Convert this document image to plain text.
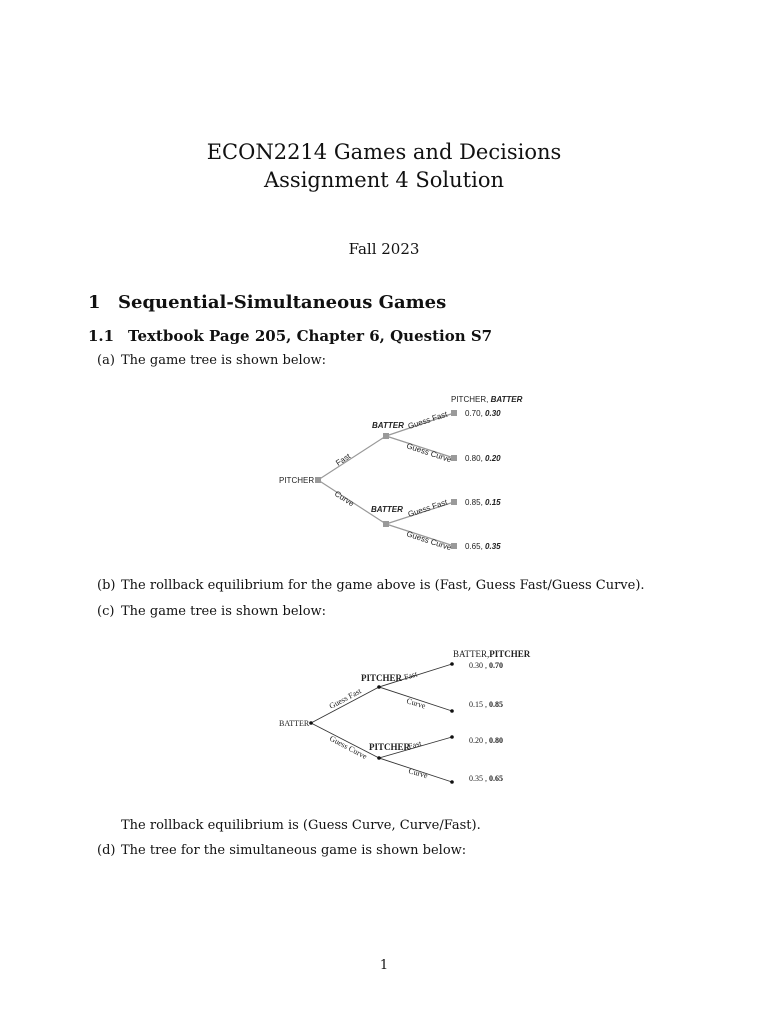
ECON2214 Games and Decisions
Assignment 4 Solution
Fall 2023
1 Sequential-Simultaneous Games
1.1 Textbook Page 205, Chapter 6, Question S7
(a) The game tree is shown below:
PITCHER, BATTER
PITCHER
BATTER
BATTER
Fast
Curve
Guess Fast
Guess Curve
Guess Fast
Guess Curve
0.70, 0.30
0.80, 0.20
0.85, 0.15
0.65, 0.35
BATTER,PITCHER
BATTER
PITCHER
PITCHER
Guess Fast
Guess Curve
Fast
Curve
Fast
Curve
0.30 , 0.70
0.15 , 0.85
0.20 , 0.80
0.35 , 0.65
(b) The rollback equilibrium for the game above is (Fast, Guess Fast/Guess Curve).
(c) The game tree is shown below:
The rollback equilibrium is (Guess Curve, Curve/Fast).
(d) The tree for the simultaneous game is shown below:
1
